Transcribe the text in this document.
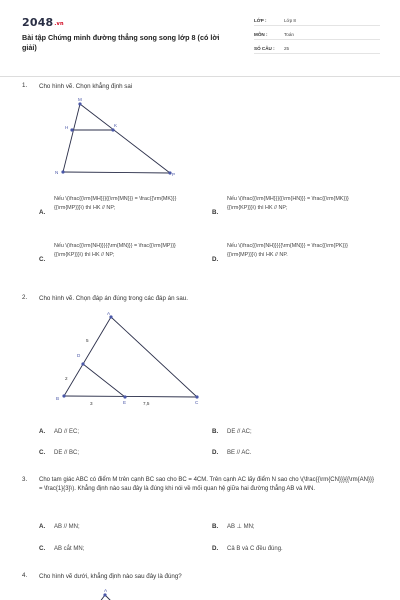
2048.vn
Bài tập Chứng minh đường thẳng song song lớp 8 (có lời giải)
LỚP :	Lớp 8
MÔN :	Toán
SỐ CÂU : 25
1. Cho hình vẽ. Chọn khẳng định sai
M
H	K
N	P
A.
Nếu \(\frac{{\rm{MH}}}{{\rm{MN}}} = \frac{{\rm{MK}}}{{\rm{MP}}}\) thì HK // NP;
B.
Nếu \(\frac{{\rm{MH}}}{{\rm{HN}}} = \frac{{\rm{MK}}}{{\rm{KP}}}\) thì HK // NP;
C.
Nếu \(\frac{{\rm{NH}}}{{\rm{MN}}} = \frac{{\rm{MP}}}{{\rm{KP}}}\) thì HK // NP;
D.
Nếu \(\frac{{\rm{NH}}}{{\rm{MN}}} = \frac{{\rm{PK}}}{{\rm{MP}}}\) thì HK // NP.
2. Cho hình vẽ. Chọn đáp án đúng trong các đáp án sau.
A
D
B
E	C
5
2
3	7,5
A. AD // EC;	B. DE // AC;
C. DE // BC;	D. BE // AC.
3. Cho tam giác ABC có điểm M trên cạnh BC sao cho BC = 4CM. Trên cạnh AC lấy điểm N sao cho \(\frac{{\rm{CN}}}{{\rm{AN}}} = \frac{1}{3}\). Khẳng định nào sau đây là đúng khi nói về mối quan hệ giữa hai đường thẳng AB và MN.
A. AB // MN;	B. AB ⊥ MN;
C. AB cắt MN;	D. Cả B và C đều đúng.
4. Cho hình vẽ dưới, khẳng định nào sau đây là đúng?
A
